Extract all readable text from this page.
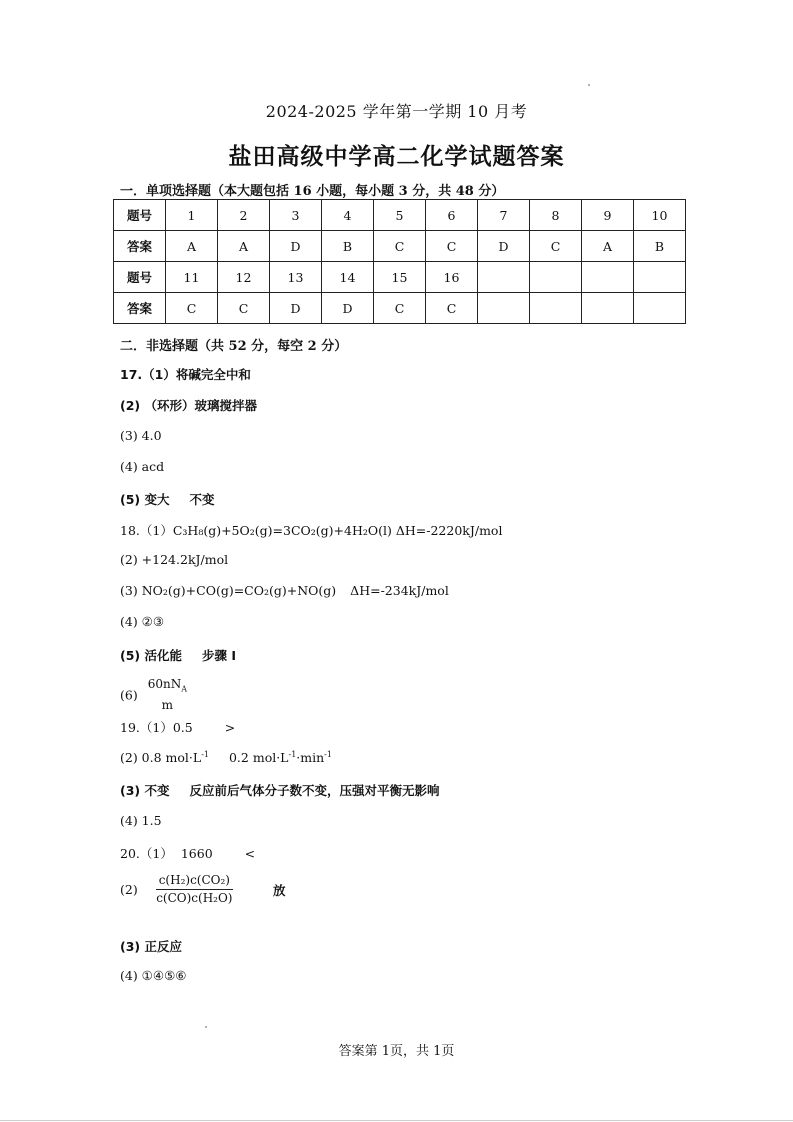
2024-2025 学年第一学期 10 月考
盐田高级中学高二化学试题答案
一．单项选择题（本大题包括 16 小题，每小题 3 分，共 48 分）
题号	1	2	3	4	5	6	7	8	9	10
答案	A	A	D	B	C	C	D	C	A	B
题号	11	12	13	14	15	16				
答案	C	C	D	D	C	C				
二．非选择题（共 52 分，每空 2 分）
17.（1）将碱完全中和
(2) （环形）玻璃搅拌器
(3) 4.0
(4) acd
(5) 变大 不变
18.（1）C₃H₈(g)+5O₂(g)=3CO₂(g)+4H₂O(l) ΔH=-2220kJ/mol
(2) +124.2kJ/mol
(3) NO₂(g)+CO(g)=CO₂(g)+NO(g) ΔH=-234kJ/mol
(4) ②③
(5) 活化能 步骤 I
(6)
$60nN_A$
m
19.（1）0.5	>
(2) 0.8 $mol\cdot L^{-1}$ 0.2 $mol\cdot L^{-1}\cdot\min^{-1}$
(3) 不变 反应前后气体分子数不变，压强对平衡无影响
(4) 1.5
20.（1） 1660	<
$(2) \frac{\text{c(H₂)c(CO₂)}}{\text{c(CO)c(H₂O)}}$	放
(3) 正反应
(4) ①④⑤⑥
答案第 1页，共 1页
